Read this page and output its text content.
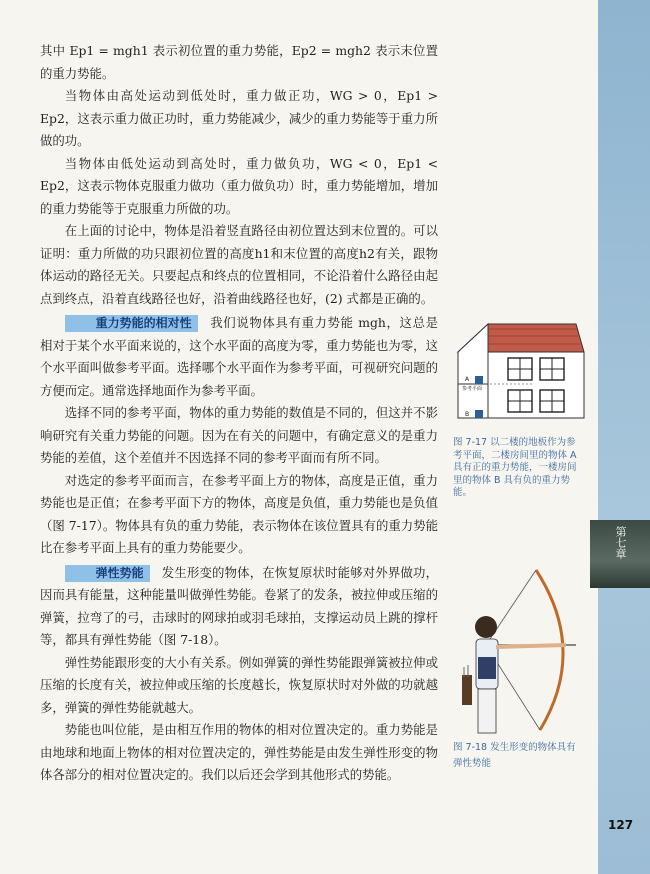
第七章

其中 Ep1 = mgh1 表示初位置的重力势能，Ep2 = mgh2 表示末位置的重力势能。

当物体由高处运动到低处时，重力做正功，WG > 0，Ep1 > Ep2，这表示重力做正功时，重力势能减少，减少的重力势能等于重力所做的功。

当物体由低处运动到高处时，重力做负功，WG < 0，Ep1 < Ep2，这表示物体克服重力做功（重力做负功）时，重力势能增加，增加的重力势能等于克服重力所做的功。

在上面的讨论中，物体是沿着竖直路径由初位置达到末位置的。可以证明：重力所做的功只跟初位置的高度h1和末位置的高度h2有关，跟物体运动的路径无关。只要起点和终点的位置相同，不论沿着什么路径由起点到终点，沿着直线路径也好，沿着曲线路径也好，(2) 式都是正确的。

重力势能的相对性 我们说物体具有重力势能 mgh，这总是相对于某个水平面来说的，这个水平面的高度为零，重力势能也为零，这个水平面叫做参考平面。选择哪个水平面作为参考平面，可视研究问题的方便而定。通常选择地面作为参考平面。

选择不同的参考平面，物体的重力势能的数值是不同的，但这并不影响研究有关重力势能的问题。因为在有关的问题中，有确定意义的是重力势能的差值，这个差值并不因选择不同的参考平面而有所不同。

对选定的参考平面而言，在参考平面上方的物体，高度是正值，重力势能也是正值；在参考平面下方的物体，高度是负值，重力势能也是负值（图 7-17）。物体具有负的重力势能，表示物体在该位置具有的重力势能比在参考平面上具有的重力势能要少。

弹性势能 发生形变的物体，在恢复原状时能够对外界做功，因而具有能量，这种能量叫做弹性势能。卷紧了的发条，被拉伸或压缩的弹簧，拉弯了的弓，击球时的网球拍或羽毛球拍，支撑运动员上跳的撑杆等，都具有弹性势能（图 7-18）。

弹性势能跟形变的大小有关系。例如弹簧的弹性势能跟弹簧被拉伸或压缩的长度有关，被拉伸或压缩的长度越长，恢复原状时对外做的功就越多，弹簧的弹性势能就越大。

势能也叫位能，是由相互作用的物体的相对位置决定的。重力势能是由地球和地面上物体的相对位置决定的，弹性势能是由发生弹性形变的物体各部分的相对位置决定的。我们以后还会学到其他形式的势能。

A
B
参考平面
图 7-17 以二楼的地板作为参考平面，二楼房间里的物体 A 具有正的重力势能，一楼房间里的物体 B 具有负的重力势能。
图 7-18 发生形变的物体具有弹性势能
127
